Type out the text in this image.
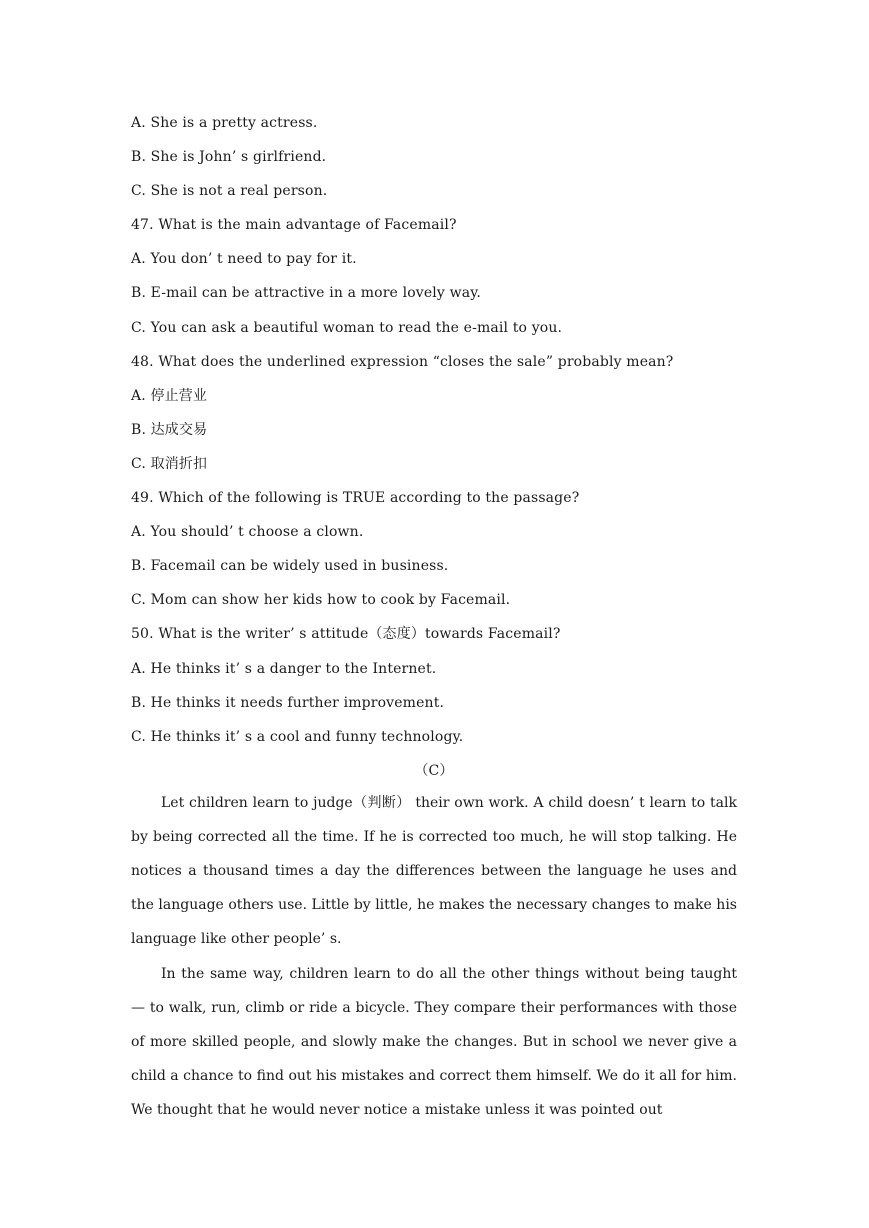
A. She is a pretty actress.
B. She is John’ s girlfriend.
C. She is not a real person.
47. What is the main advantage of Facemail?
A. You don’ t need to pay for it.
B. E-mail can be attractive in a more lovely way.
C. You can ask a beautiful woman to read the e-mail to you.
48. What does the underlined expression “closes the sale” probably mean?
A. 停止营业
B. 达成交易
C. 取消折扣
49. Which of the following is TRUE according to the passage?
A. You should’ t choose a clown.
B. Facemail can be widely used in business.
C. Mom can show her kids how to cook by Facemail.
50. What is the writer’ s attitude（态度）towards Facemail?
A. He thinks it’ s a danger to the Internet.
B. He thinks it needs further improvement.
C. He thinks it’ s a cool and funny technology.
（C）
Let children learn to judge（判断） their own work. A child doesn’ t learn to talk by being corrected all the time. If he is corrected too much, he will stop talking. He notices a thousand times a day the differences between the language he uses and the language others use. Little by little, he makes the necessary changes to make his language like other people’ s.
In the same way, children learn to do all the other things without being taught — to walk, run, climb or ride a bicycle. They compare their performances with those of more skilled people, and slowly make the changes. But in school we never give a child a chance to find out his mistakes and correct them himself. We do it all for him. We thought that he would never notice a mistake unless it was pointed out
